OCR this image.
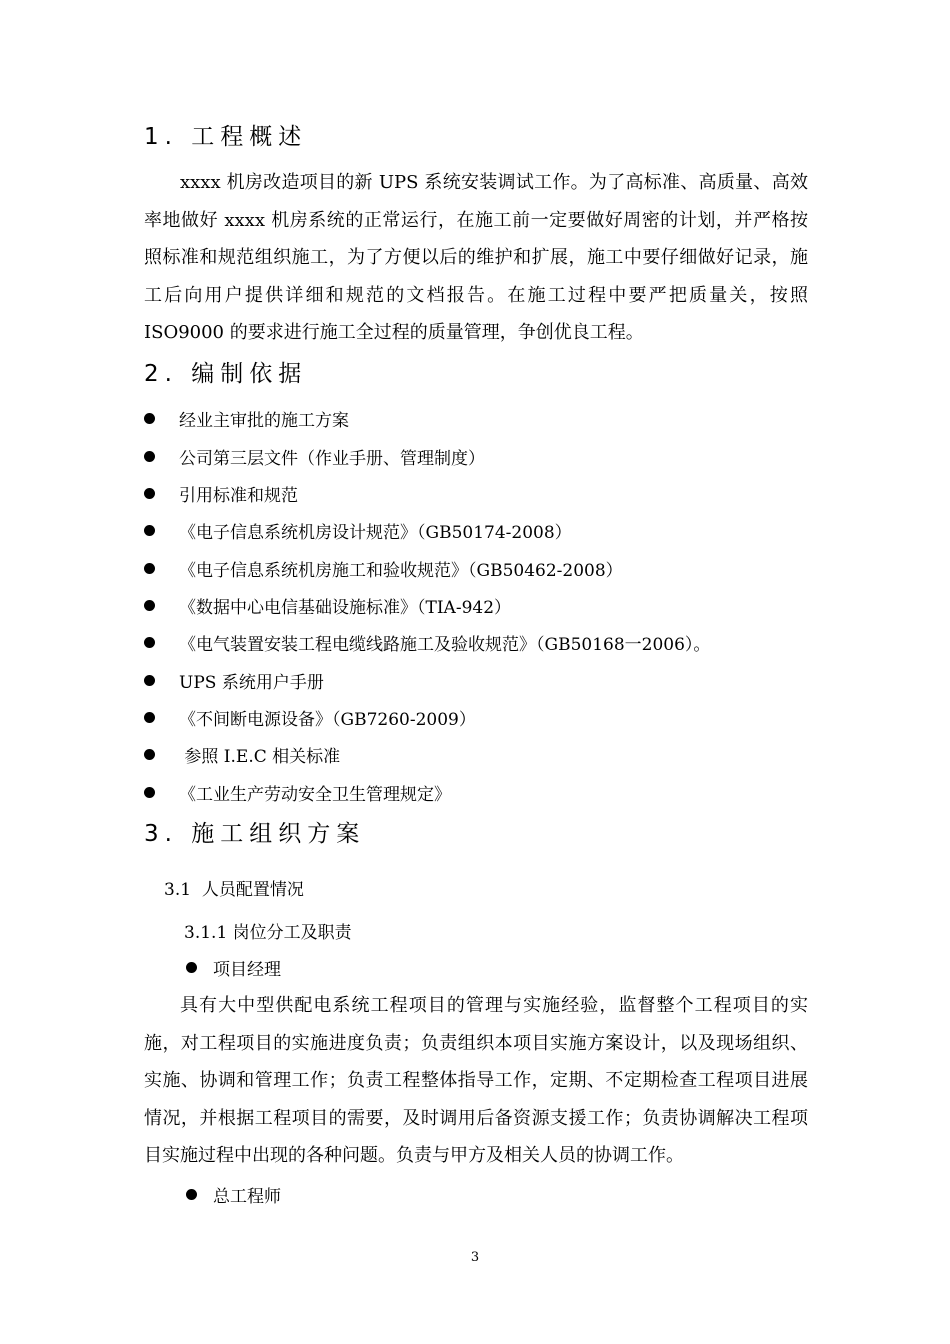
1. 工程概述

xxxx 机房改造项目的新 UPS 系统安装调试工作。为了高标准、高质量、高效率地做好 xxxx 机房系统的正常运行，在施工前一定要做好周密的计划，并严格按照标准和规范组织施工，为了方便以后的维护和扩展，施工中要仔细做好记录，施工后向用户提供详细和规范的文档报告。在施工过程中要严把质量关，按照 ISO9000 的要求进行施工全过程的质量管理，争创优良工程。

2. 编制依据
经业主审批的施工方案
公司第三层文件（作业手册、管理制度）
引用标准和规范
《电子信息系统机房设计规范》（GB50174-2008）
《电子信息系统机房施工和验收规范》（GB50462-2008）
《数据中心电信基础设施标准》（TIA-942）
《电气装置安装工程电缆线路施工及验收规范》（GB50168一2006）。
UPS 系统用户手册
《不间断电源设备》（GB7260-2009）
参照 I.E.C 相关标准
《工业生产劳动安全卫生管理规定》
3. 施工组织方案
3.1  人员配置情况
3.1.1 岗位分工及职责
项目经理

具有大中型供配电系统工程项目的管理与实施经验，监督整个工程项目的实施，对工程项目的实施进度负责；负责组织本项目实施方案设计，以及现场组织、实施、协调和管理工作；负责工程整体指导工作，定期、不定期检查工程项目进展情况，并根据工程项目的需要，及时调用后备资源支援工作；负责协调解决工程项目实施过程中出现的各种问题。负责与甲方及相关人员的协调工作。

总工程师
3
